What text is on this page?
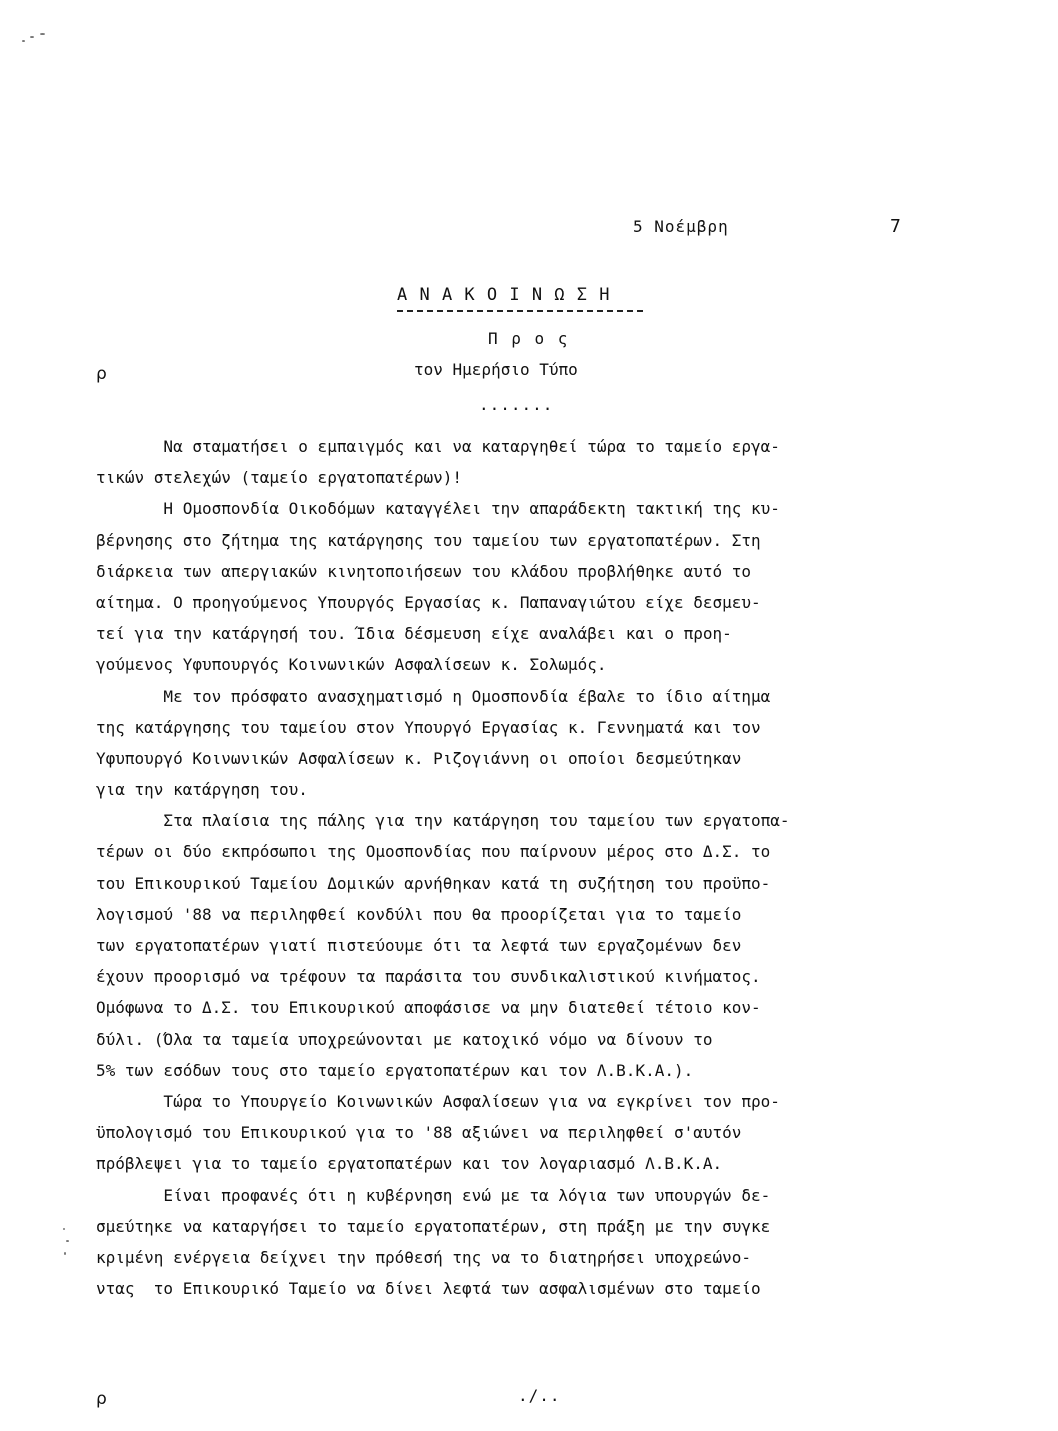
5 Νοέμβρη	7
Α Ν Α Κ Ο Ι Ν Ω Σ Η
Π ρ ο ς
τον Ημερήσιο Τύπο
.......
ρ
ρ
Να σταματήσει ο εμπαιγμός και να καταργηθεί τώρα το ταμείο εργα-
τικών στελεχών (ταμείο εργατοπατέρων)!
Η Ομοσπονδία Οικοδόμων καταγγέλει την απαράδεκτη τακτική της κυ-
βέρνησης στο ζήτημα της κατάργησης του ταμείου των εργατοπατέρων. Στη
διάρκεια των απεργιακών κινητοποιήσεων του κλάδου προβλήθηκε αυτό το
αίτημα. Ο προηγούμενος Υπουργός Εργασίας κ. Παπαναγιώτου είχε δεσμευ-
τεί για την κατάργησή του. Ίδια δέσμευση είχε αναλάβει και ο προη-
γούμενος Υφυπουργός Κοινωνικών Ασφαλίσεων κ. Σολωμός.
Με τον πρόσφατο ανασχηματισμό η Ομοσπονδία έβαλε το ίδιο αίτημα
της κατάργησης του ταμείου στον Υπουργό Εργασίας κ. Γεννηματά και τον
Υφυπουργό Κοινωνικών Ασφαλίσεων κ. Ριζογιάννη οι οποίοι δεσμεύτηκαν
για την κατάργηση του.
Στα πλαίσια της πάλης για την κατάργηση του ταμείου των εργατοπα-
τέρων οι δύο εκπρόσωποι της Ομοσπονδίας που παίρνουν μέρος στο Δ.Σ. το
του Επικουρικού Ταμείου Δομικών αρνήθηκαν κατά τη συζήτηση του προϋπο-
λογισμού '88 να περιληφθεί κονδύλι που θα προορίζεται για το ταμείο
των εργατοπατέρων γιατί πιστεύουμε ότι τα λεφτά των εργαζομένων δεν
έχουν προορισμό να τρέφουν τα παράσιτα του συνδικαλιστικού κινήματος.
Ομόφωνα το Δ.Σ. του Επικουρικού αποφάσισε να μην διατεθεί τέτοιο κον-
δύλι. (Όλα τα ταμεία υποχρεώνονται με κατοχικό νόμο να δίνουν το
5% των εσόδων τους στο ταμείο εργατοπατέρων και τον Λ.Β.Κ.Α.).
Τώρα το Υπουργείο Κοινωνικών Ασφαλίσεων για να εγκρίνει τον προ-
ϋπολογισμό του Επικουρικού για το '88 αξιώνει να περιληφθεί σ'αυτόν
πρόβλεψει για το ταμείο εργατοπατέρων και τον λογαριασμό Λ.Β.Κ.Α.
Είναι προφανές ότι η κυβέρνηση ενώ με τα λόγια των υπουργών δε-
σμεύτηκε να καταργήσει το ταμείο εργατοπατέρων, στη πράξη με την συγκε
κριμένη ενέργεια δείχνει την πρόθεσή της να το διατηρήσει υποχρεώνο-
ντας  το Επικουρικό Ταμείο να δίνει λεφτά των ασφαλισμένων στο ταμείο
./..
